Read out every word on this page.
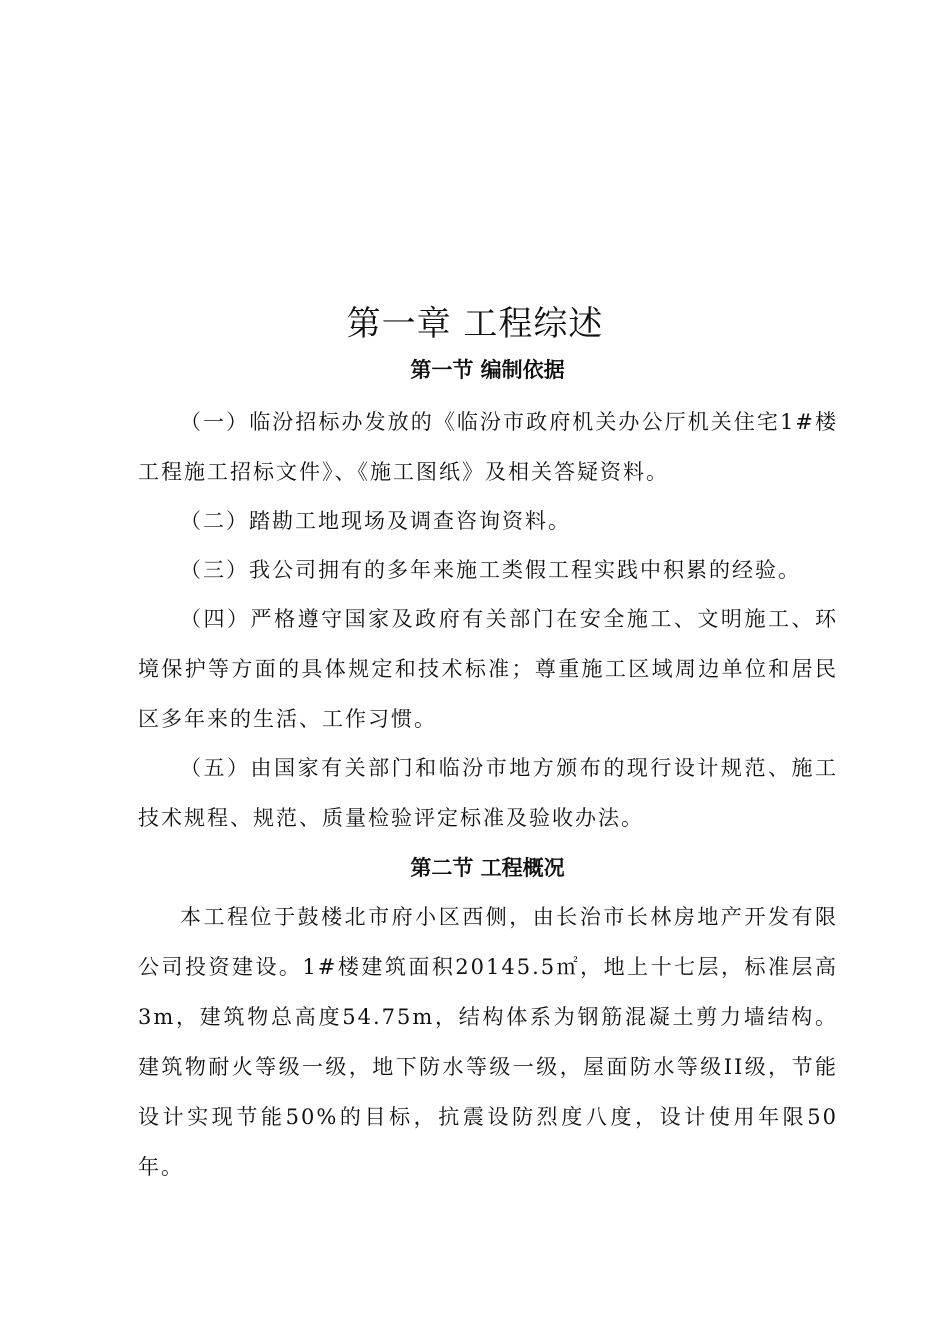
第一章 工程综述
第一节 编制依据

（一）临汾招标办发放的《临汾市政府机关办公厅机关住宅1#楼工程施工招标文件》、《施工图纸》及相关答疑资料。

（二）踏勘工地现场及调查咨询资料。

（三）我公司拥有的多年来施工类假工程实践中积累的经验。

（四）严格遵守国家及政府有关部门在安全施工、文明施工、环境保护等方面的具体规定和技术标准；尊重施工区域周边单位和居民区多年来的生活、工作习惯。

（五）由国家有关部门和临汾市地方颁布的现行设计规范、施工技术规程、规范、质量检验评定标准及验收办法。

第二节 工程概况

本工程位于鼓楼北市府小区西侧，由长治市长林房地产开发有限公司投资建设。1#楼建筑面积20145.5㎡，地上十七层，标准层高3m，建筑物总高度54.75m，结构体系为钢筋混凝土剪力墙结构。建筑物耐火等级一级，地下防水等级一级，屋面防水等级II级，节能设计实现节能50%的目标，抗震设防烈度八度，设计使用年限50年。
